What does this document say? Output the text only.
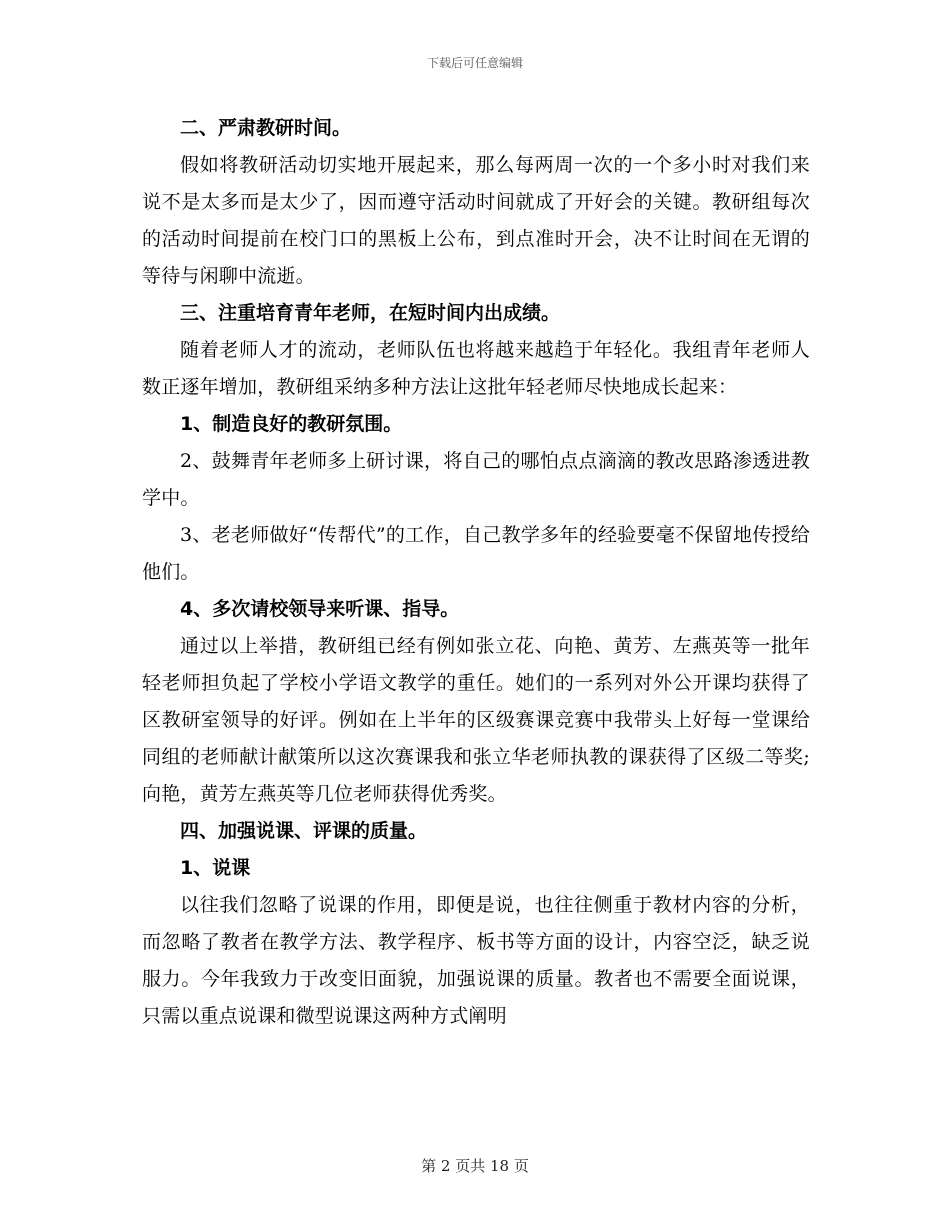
下载后可任意编辑

二、严肃教研时间。

假如将教研活动切实地开展起来，那么每两周一次的一个多小时对我们来说不是太多而是太少了，因而遵守活动时间就成了开好会的关键。教研组每次的活动时间提前在校门口的黑板上公布，到点准时开会，决不让时间在无谓的等待与闲聊中流逝。

三、注重培育青年老师，在短时间内出成绩。

随着老师人才的流动，老师队伍也将越来越趋于年轻化。我组青年老师人数正逐年增加，教研组采纳多种方法让这批年轻老师尽快地成长起来：

1、制造良好的教研氛围。

2、鼓舞青年老师多上研讨课，将自己的哪怕点点滴滴的教改思路渗透进教学中。

3、老老师做好“传帮代”的工作，自己教学多年的经验要毫不保留地传授给他们。

4、多次请校领导来听课、指导。

通过以上举措，教研组已经有例如张立花、向艳、黄芳、左燕英等一批年轻老师担负起了学校小学语文教学的重任。她们的一系列对外公开课均获得了区教研室领导的好评。例如在上半年的区级赛课竞赛中我带头上好每一堂课给同组的老师献计献策所以这次赛课我和张立华老师执教的课获得了区级二等奖;向艳，黄芳左燕英等几位老师获得优秀奖。

四、加强说课、评课的质量。

1、说课

以往我们忽略了说课的作用，即便是说，也往往侧重于教材内容的分析，而忽略了教者在教学方法、教学程序、板书等方面的设计，内容空泛，缺乏说服力。今年我致力于改变旧面貌，加强说课的质量。教者也不需要全面说课，只需以重点说课和微型说课这两种方式阐明

第 2 页共 18 页
